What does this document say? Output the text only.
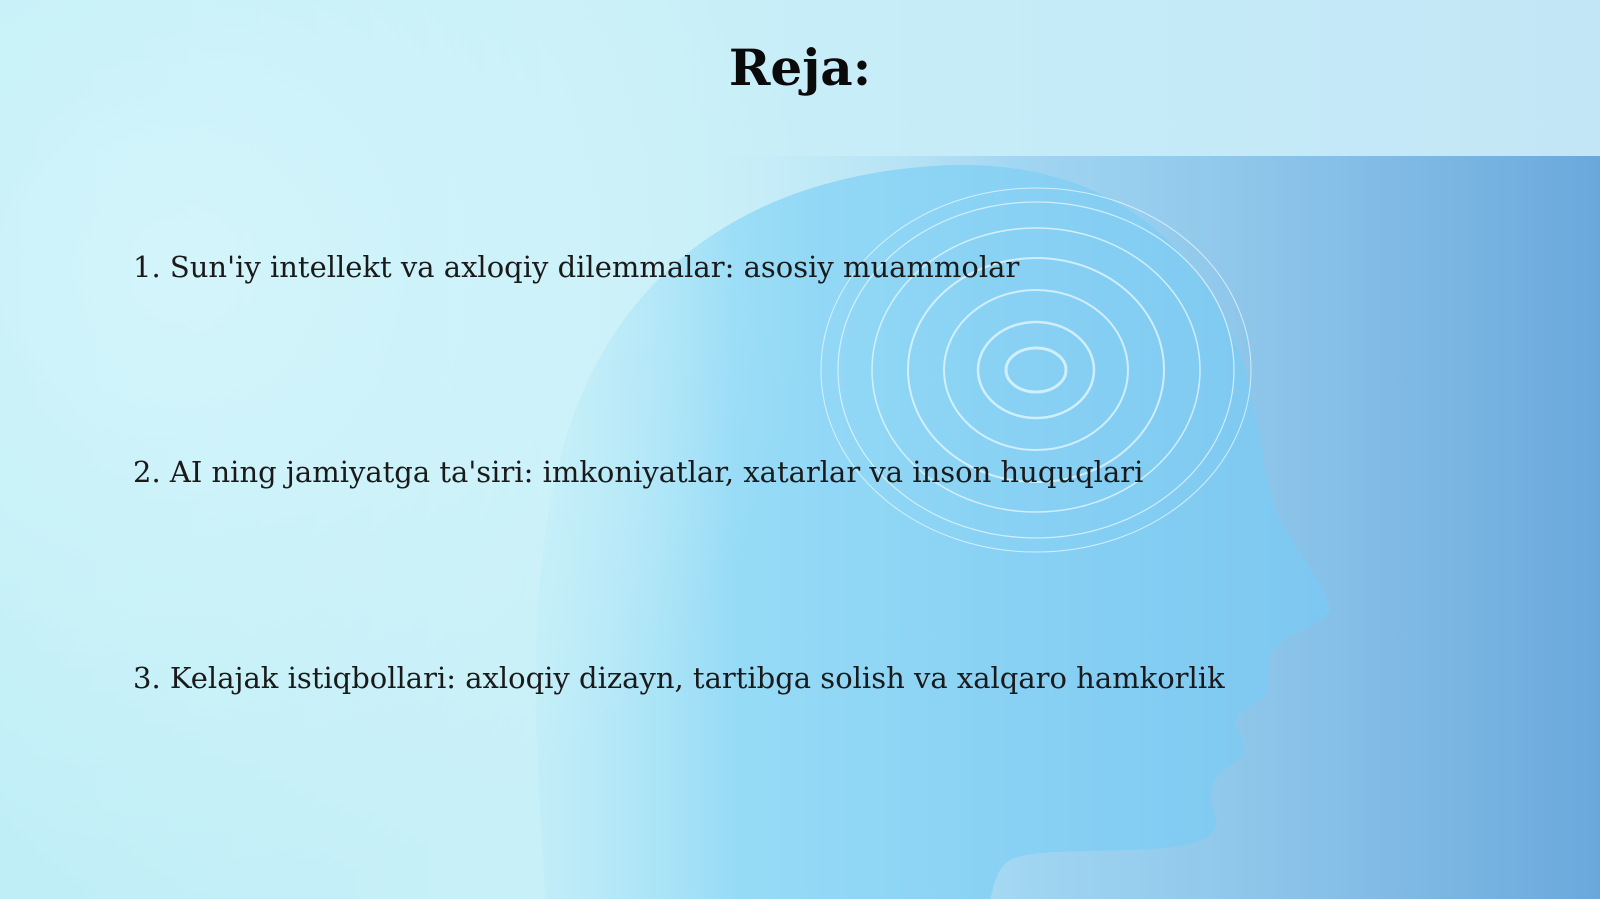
Reja:

1. Sun'iy intellekt va axloqiy dilemmalar: asosiy muammolar

2. AI ning jamiyatga ta'siri: imkoniyatlar, xatarlar va inson huquqlari

3. Kelajak istiqbollari: axloqiy dizayn, tartibga solish va xalqaro hamkorlik
